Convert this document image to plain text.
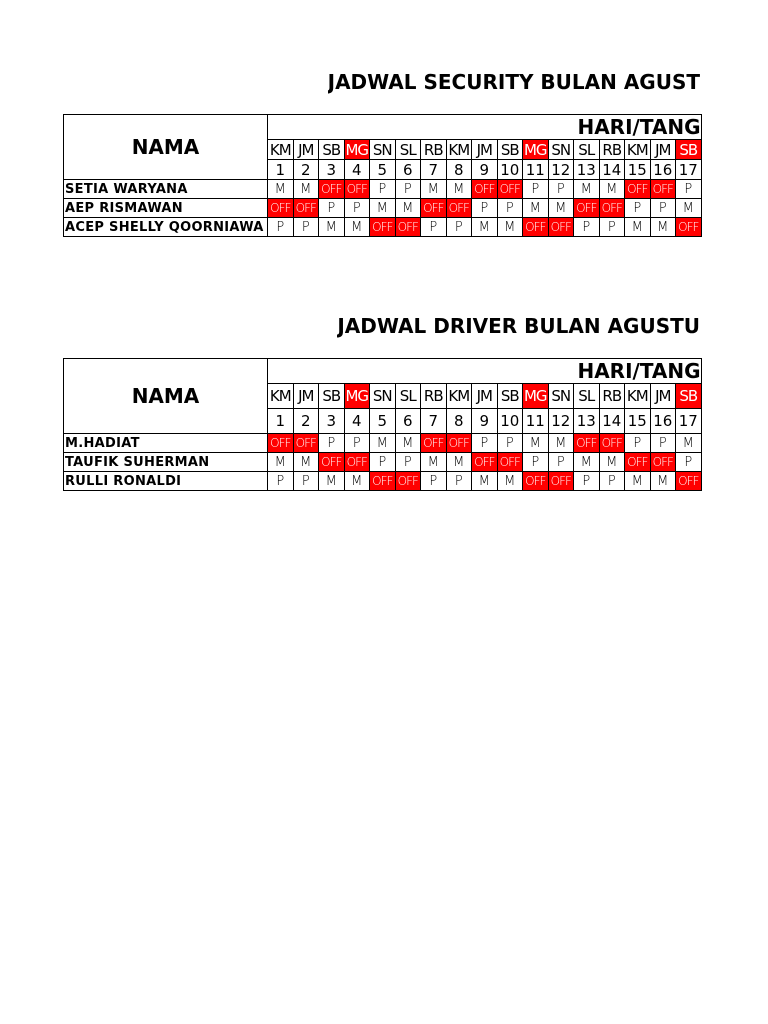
JADWAL SECURITY BULAN AGUST
NAMA	HARI/TANG																
	KM	JM	SB	MG	SN	SL	RB	KM	JM	SB	MG	SN	SL	RB	KM	JM	SB
	1	2	3	4	5	6	7	8	9	10	11	12	13	14	15	16	17
SETIA WARYANA	M	M	OFF	OFF	P	P	M	M	OFF	OFF	P	P	M	M	OFF	OFF	P
AEP RISMAWAN	OFF	OFF	P	P	M	M	OFF	OFF	P	P	M	M	OFF	OFF	P	P	M
ACEP SHELLY QOORNIAWA	P	P	M	M	OFF	OFF	P	P	M	M	OFF	OFF	P	P	M	M	OFF
JADWAL DRIVER BULAN AGUSTU
NAMA	HARI/TANG																
	KM	JM	SB	MG	SN	SL	RB	KM	JM	SB	MG	SN	SL	RB	KM	JM	SB
	1	2	3	4	5	6	7	8	9	10	11	12	13	14	15	16	17
M.HADIAT	OFF	OFF	P	P	M	M	OFF	OFF	P	P	M	M	OFF	OFF	P	P	M
TAUFIK SUHERMAN	M	M	OFF	OFF	P	P	M	M	OFF	OFF	P	P	M	M	OFF	OFF	P
RULLI RONALDI	P	P	M	M	OFF	OFF	P	P	M	M	OFF	OFF	P	P	M	M	OFF
